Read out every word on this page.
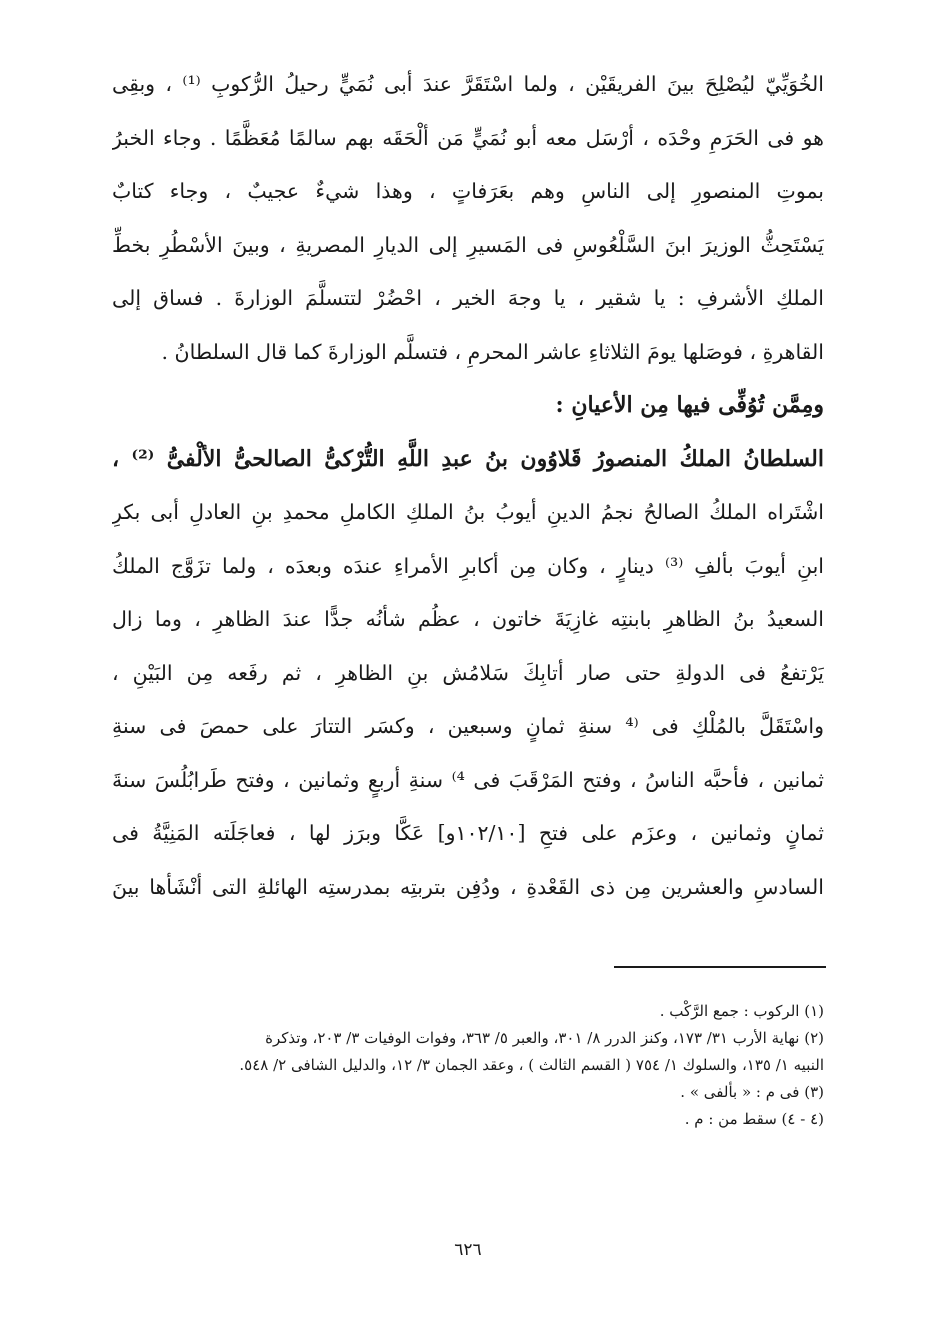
الخُوَيِّيّ ليُصْلِحَ بينَ الفريقَيْن ، ولما اسْتَقَرَّ عندَ أبى نُمَيٍّ رحيلُ الرُّكوبِ ⁽¹⁾ ، وبقِى
هو فى الحَرَمِ وحْدَه ، أرْسَل معه أبو نُمَيٍّ مَن ألْحَقَه بهم سالمًا مُعَظَّمًا . وجاء الخبرُ
بموتِ المنصورِ إلى الناسِ وهم بعَرَفاتٍ ، وهذا شيءٌ عجيبٌ ، وجاء كتابٌ
يَسْتَحِثُّ الوزيرَ ابنَ السَّلْعُوسِ فى المَسيرِ إلى الديارِ المصريةِ ، وبينَ الأسْطُرِ بخطِّ
الملكِ الأشرفِ : يا شقير ، يا وجهَ الخير ، احْضُرْ لتتسلَّمَ الوزارةَ . فساق إلى
القاهرةِ ، فوصَلها يومَ الثلاثاءِ عاشر المحرمِ ، فتسلَّم الوزارةَ كما قال السلطانُ .
ومِمَّن تُوُفِّى فيها مِن الأعيانِ :
السلطانُ الملكُ المنصورُ قَلاوُون بنُ عبدِ اللَّهِ التُّرْكىُّ الصالحىُّ الألْفىُّ ⁽²⁾ ،
اشْتَراه الملكُ الصالحُ نجمُ الدينِ أيوبُ بنُ الملكِ الكاملِ محمدِ بنِ العادلِ أبى بكرِ
ابنِ أيوبَ بألفِ ⁽³⁾ دينارٍ ، وكان مِن أكابرِ الأمراءِ عندَه وبعدَه ، ولما تزَوَّج الملكُ
السعيدُ بنُ الظاهرِ بابنتِه غازِيَةَ خاتون ، عظُم شأنُه جدًّا عندَ الظاهرِ ، وما زال
يَرْتفعُ فى الدولةِ حتى صار أتابِكَ سَلامُش بنِ الظاهرِ ، ثم رفَعه مِن البَيْنِ ،
واسْتَقَلَّ بالمُلْكِ فى ⁽⁴ سنةِ ثمانٍ وسبعين ، وكسَر التتارَ على حمصَ فى سنةِ
ثمانين ، فأحبَّه الناسُ ، وفتح المَرْقَبَ فى ⁴⁾ سنةِ أربعٍ وثمانين ، وفتح طَرابُلُسَ سنةَ
ثمانٍ وثمانين ، وعزَم على فتحِ [١٠٢/١٠و] عَكَّا وبرَز لها ، فعاجَلَته المَنِيَّةُ فى
السادسِ والعشرين مِن ذى القَعْدةِ ، ودُفِن بتربتِه بمدرستِه الهائلةِ التى أنْشَأها بينَ
(١) الركوب : جمع الرَّكْب .
(٢) نهاية الأرب ٣١/ ١٧٣، وكنز الدرر ٨/ ٣٠١، والعبر ٥/ ٣٦٣، وفوات الوفيات ٣/ ٢٠٣، وتذكرة
النبيه ١/ ١٣٥، والسلوك ١/ ٧٥٤ ( القسم الثالث ) ، وعقد الجمان ٣/ ١٢، والدليل الشافى ٢/ ٥٤٨.
(٣) فى م : « بألفى » .
(٤ - ٤) سقط من : م .
٦٢٦
